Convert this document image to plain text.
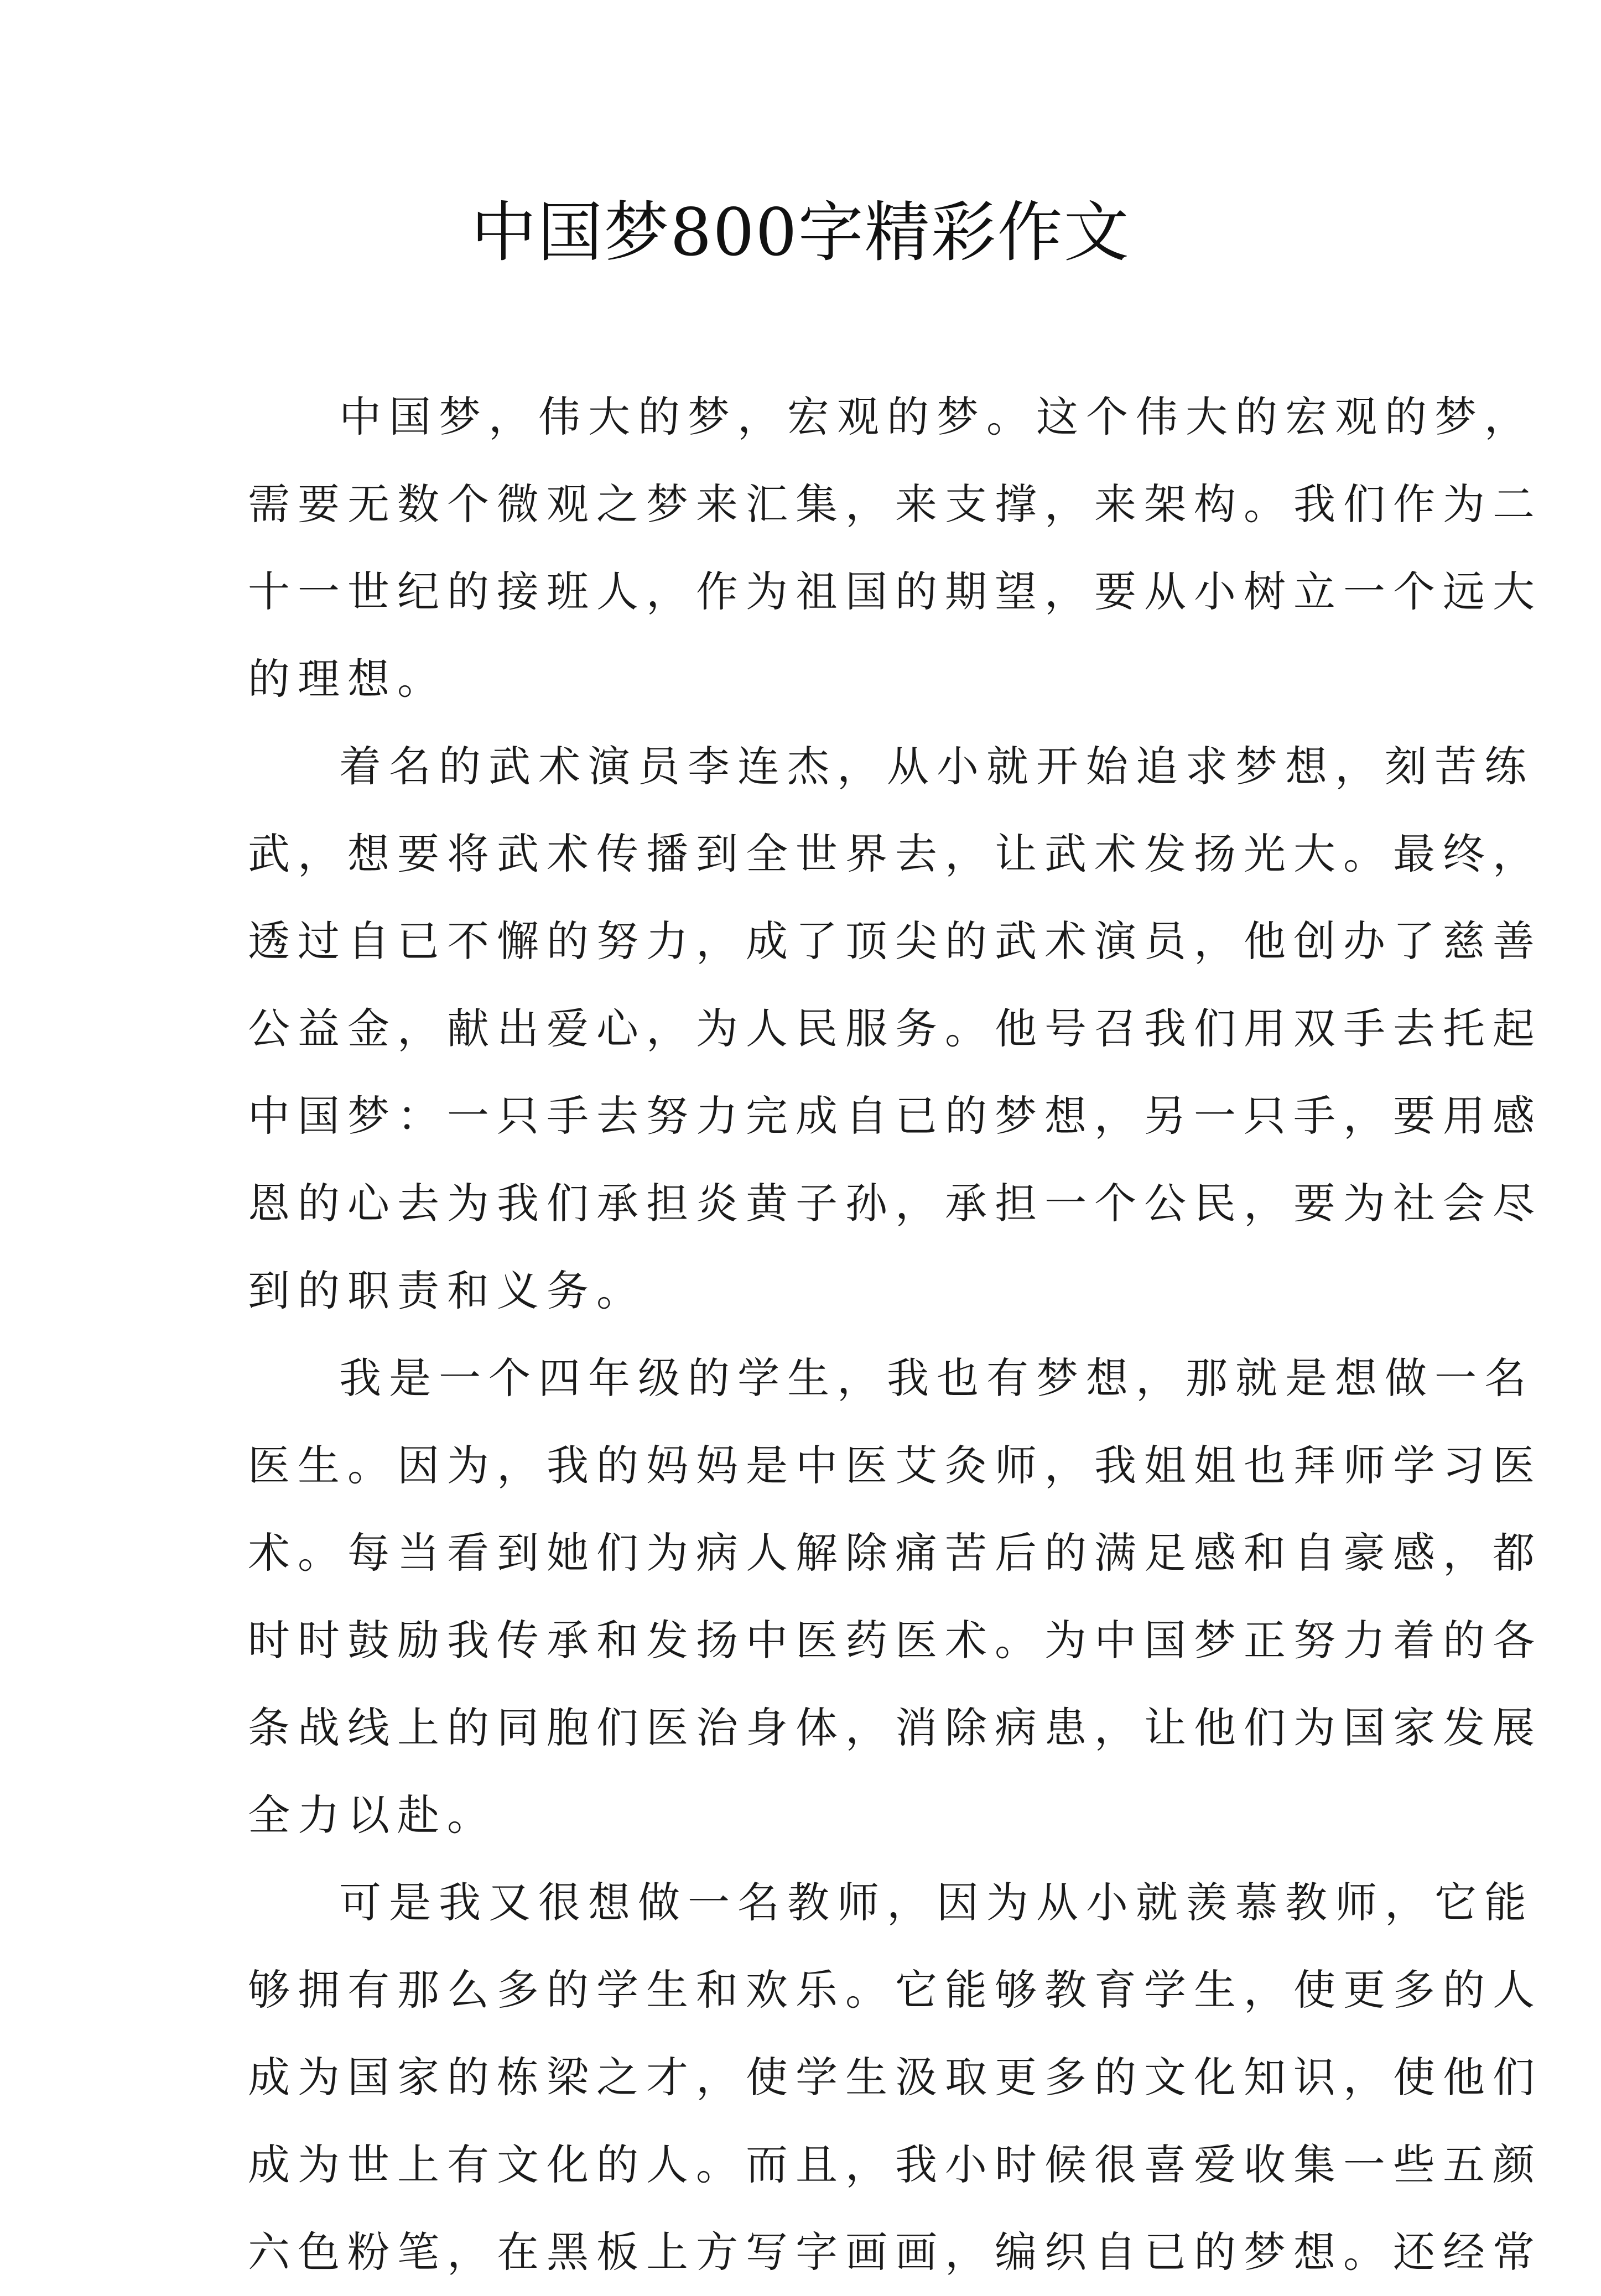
中国梦800字精彩作文
中国梦，伟大的梦，宏观的梦。这个伟大的宏观的梦，
需要无数个微观之梦来汇集，来支撑，来架构。我们作为二
十一世纪的接班人，作为祖国的期望，要从小树立一个远大
的理想。
着名的武术演员李连杰，从小就开始追求梦想，刻苦练
武，想要将武术传播到全世界去，让武术发扬光大。最终，
透过自已不懈的努力，成了顶尖的武术演员，他创办了慈善
公益金，献出爱心，为人民服务。他号召我们用双手去托起
中国梦：一只手去努力完成自已的梦想，另一只手，要用感
恩的心去为我们承担炎黄子孙，承担一个公民，要为社会尽
到的职责和义务。
我是一个四年级的学生，我也有梦想，那就是想做一名
医生。因为，我的妈妈是中医艾灸师，我姐姐也拜师学习医
术。每当看到她们为病人解除痛苦后的满足感和自豪感，都
时时鼓励我传承和发扬中医药医术。为中国梦正努力着的各
条战线上的同胞们医治身体，消除病患，让他们为国家发展
全力以赴。
可是我又很想做一名教师，因为从小就羡慕教师，它能
够拥有那么多的学生和欢乐。它能够教育学生，使更多的人
成为国家的栋梁之才，使学生汲取更多的文化知识，使他们
成为世上有文化的人。而且，我小时候很喜爱收集一些五颜
六色粉笔，在黑板上方写字画画，编织自已的梦想。还经常
